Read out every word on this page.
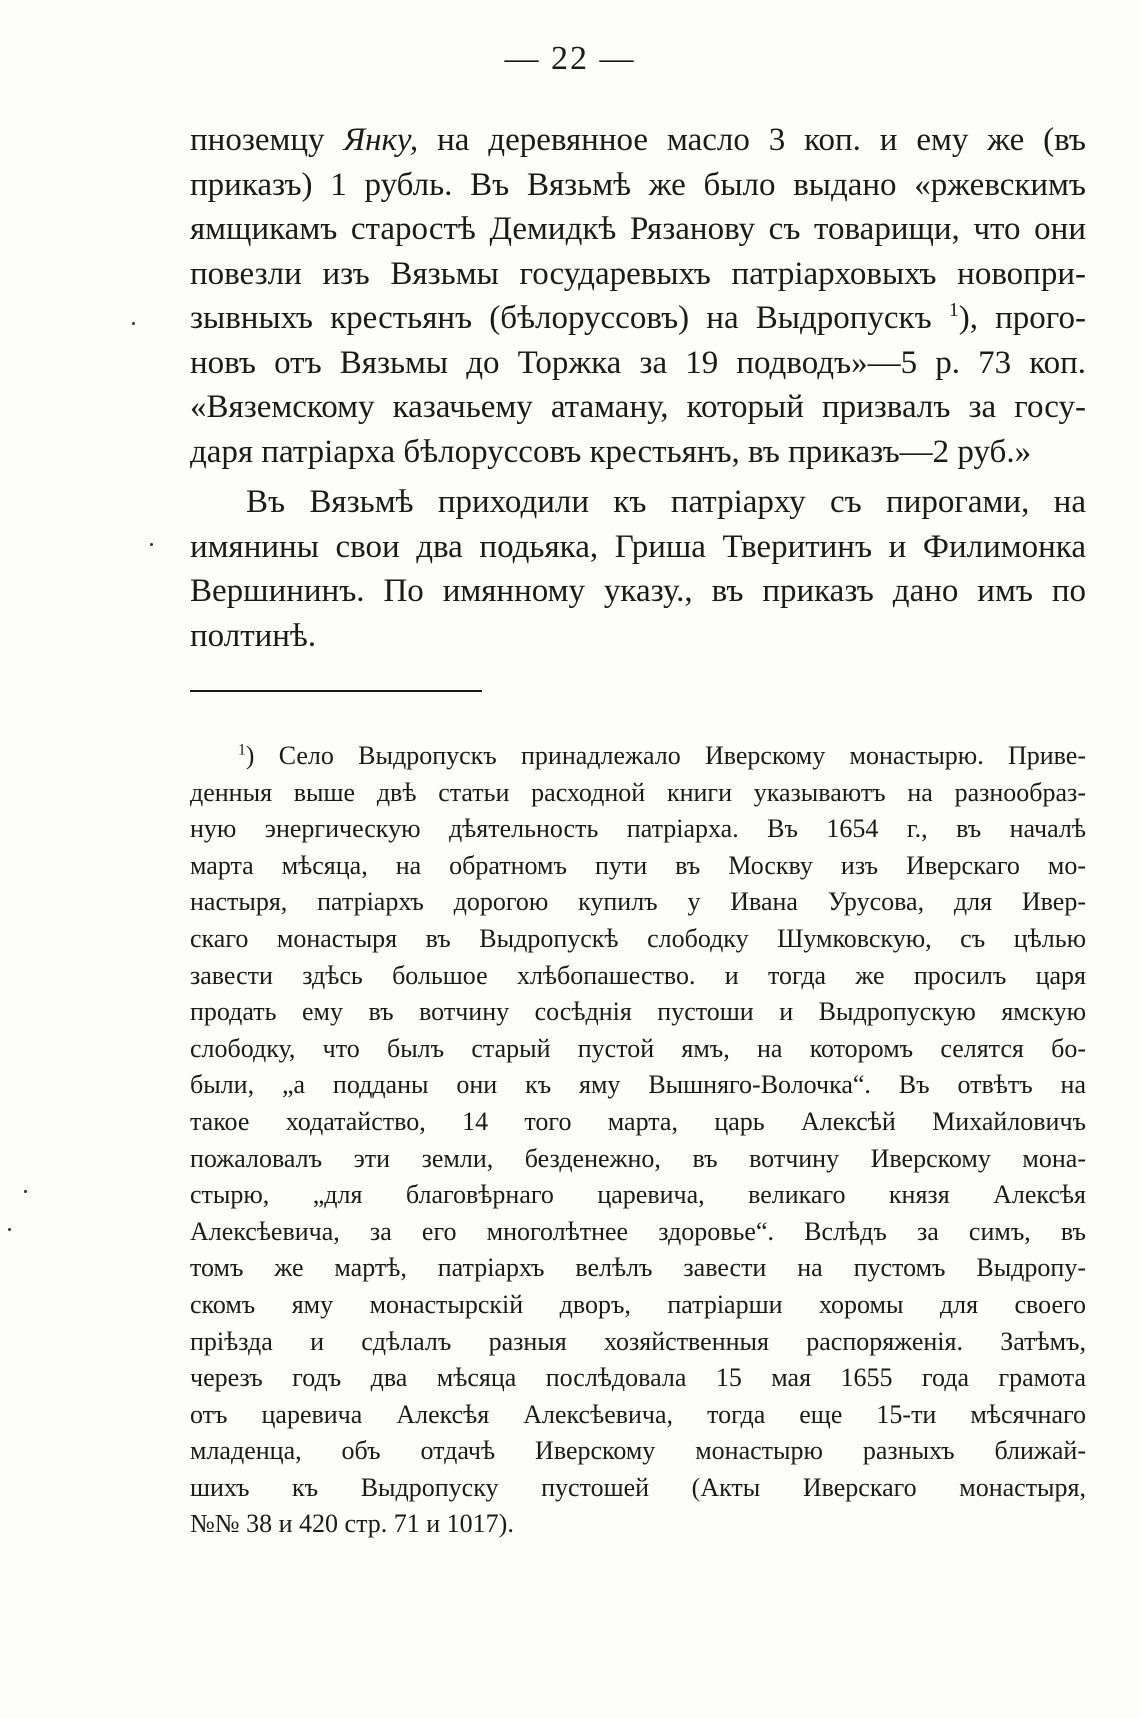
— 22 —

пноземцу Янку, на деревянное масло 3 коп. и ему же (въ
приказъ) 1 рубль. Въ Вязьмѣ же было выдано «ржевскимъ
ямщикамъ старостѣ Демидкѣ Рязанову съ товарищи, что они
повезли изъ Вязьмы государевыхъ патріарховыхъ новопри-
зывныхъ крестьянъ (бѣлоруссовъ) на Выдропускъ $^1$), прого-
новъ отъ Вязьмы до Торжка за 19 подводъ»—5 р. 73 коп.
«Вяземскому казачьему атаману, который призвалъ за госу-
даря патріарха бѣлоруссовъ крестьянъ, въ приказъ—2 руб.»

Въ Вязьмѣ приходили къ патріарху съ пирогами, на
имянины свои два подьяка, Гриша Тверитинъ и Филимонка
Вершининъ. По имянному указу., въ приказъ дано имъ по
полтинѣ.

$^1$) Село Выдропускъ принадлежало Иверскому монастырю. Приве-
денныя выше двѣ статьи расходной книги указываютъ на разнообраз-
ную энергическую дѣятельность патріарха. Въ 1654 г., въ началѣ
марта мѣсяца, на обратномъ пути въ Москву изъ Иверскаго мо-
настыря, патріархъ дорогою купилъ у Ивана Урусова, для Ивер-
скаго монастыря въ Выдропускѣ слободку Шумковскую, съ цѣлью
завести здѣсь большое хлѣбопашество. и тогда же просилъ царя
продать ему въ вотчину сосѣднія пустоши и Выдропускую ямскую
слободку, что былъ старый пустой ямъ, на которомъ селятся бо-
были, „а подданы они къ яму Вышняго-Волочка“. Въ отвѣтъ на
такое ходатайство, 14 того марта, царь Алексѣй Михайловичъ
пожаловалъ эти земли, безденежно, въ вотчину Иверскому мона-
стырю, „для благовѣрнаго царевича, великаго князя Алексѣя
Алексѣевича, за его многолѣтнее здоровье“. Вслѣдъ за симъ, въ
томъ же мартѣ, патріархъ велѣлъ завести на пустомъ Выдропу-
скомъ яму монастырскій дворъ, патріарши хоромы для своего
пріѣзда и сдѣлалъ разныя хозяйственныя распоряженія. Затѣмъ,
черезъ годъ два мѣсяца послѣдовала 15 мая 1655 года грамота
отъ царевича Алексѣя Алексѣевича, тогда еще 15-ти мѣсячнаго
младенца, объ отдачѣ Иверскому монастырю разныхъ ближай-
шихъ къ Выдропуску пустошей (Акты Иверскаго монастыря,
№№ 38 и 420 стр. 71 и 1017).
